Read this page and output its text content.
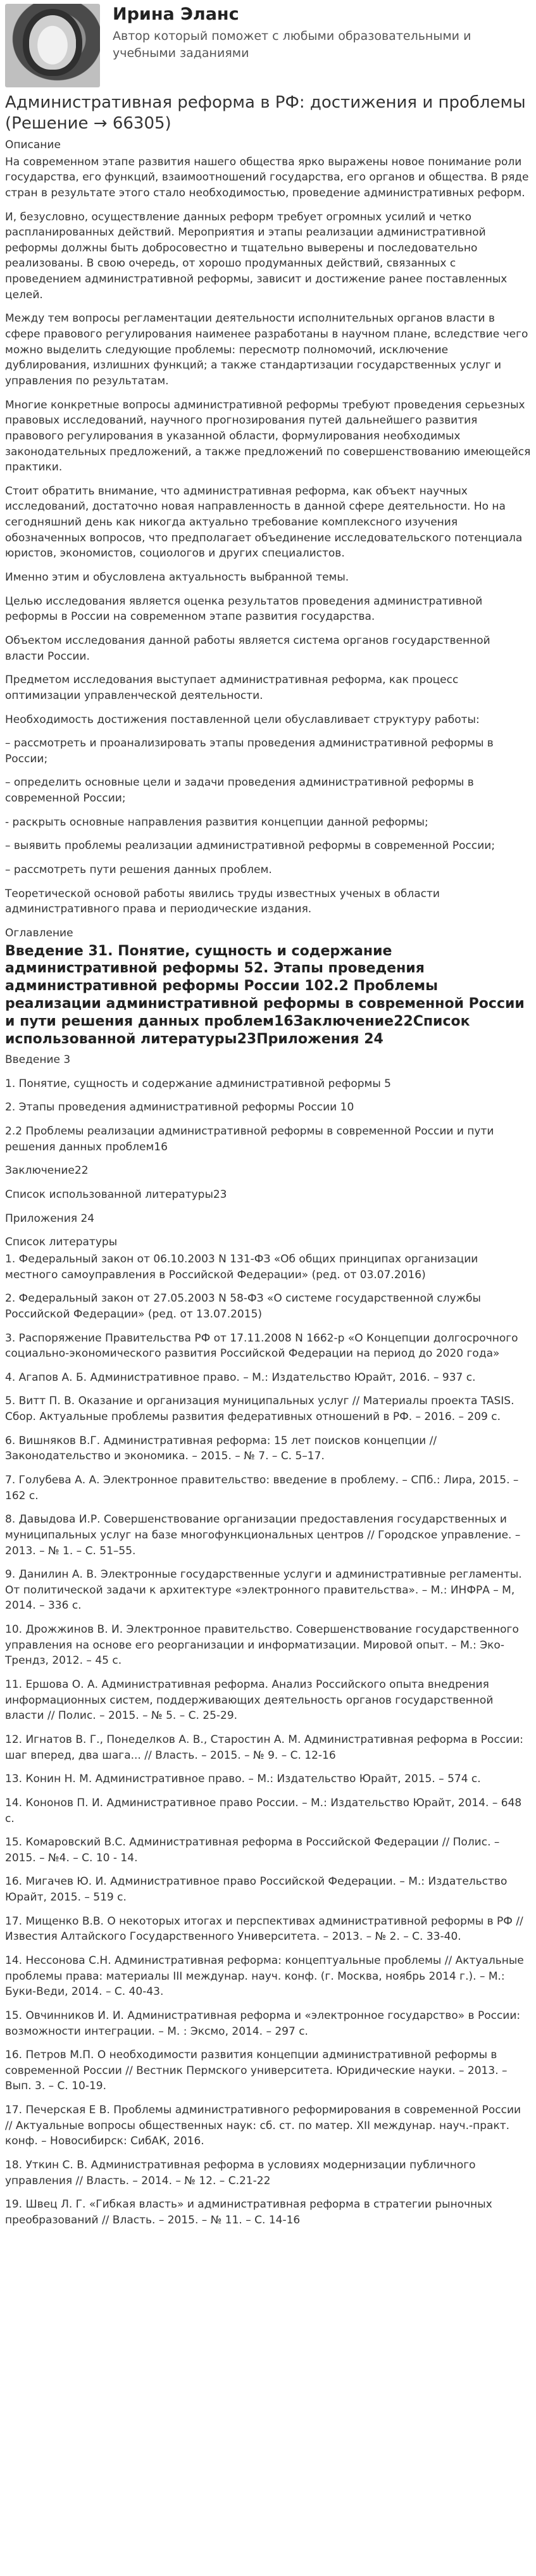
Ирина Эланс
Автор который поможет с любыми образовательными и учебными заданиями
Административная реформа в РФ: достижения и проблемы (Решение → 66305)
Описание

На современном этапе развития нашего общества ярко выражены новое понимание роли государства, его функций, взаимоотношений государства, его органов и общества. В ряде стран в результате этого стало необходимостью, проведение административных реформ.

И, безусловно, осуществление данных реформ требует огромных усилий и четко распланированных действий. Мероприятия и этапы реализации административной реформы должны быть добросовестно и тщательно выверены и последовательно реализованы. В свою очередь, от хорошо продуманных действий, связанных с проведением административной реформы, зависит и достижение ранее поставленных целей.

Между тем вопросы регламентации деятельности исполнительных органов власти в сфере правового регулирования наименее разработаны в научном плане, вследствие чего можно выделить следующие проблемы: пересмотр полномочий, исключение дублирования, излишних функций; а также стандартизации государственных услуг и управления по результатам.

Многие конкретные вопросы административной реформы требуют проведения серьезных правовых исследований, научного прогнозирования путей дальнейшего развития правового регулирования в указанной области, формулирования необходимых законодательных предложений, а также предложений по совершенствованию имеющейся практики.

Стоит обратить внимание, что административная реформа, как объект научных исследований, достаточно новая направленность в данной сфере деятельности. Но на сегодняшний день как никогда актуально требование комплексного изучения обозначенных вопросов, что предполагает объединение исследовательского потенциала юристов, экономистов, социологов и других специалистов.

Именно этим и обусловлена актуальность выбранной темы.

Целью исследования является оценка результатов проведения административной реформы в России на современном этапе развития государства.

Объектом исследования данной работы является система органов государственной власти России.

Предметом исследования выступает административная реформа, как процесс оптимизации управленческой деятельности.

Необходимость достижения поставленной цели обуславливает структуру работы:

– рассмотреть и проанализировать этапы проведения административной реформы в России;

– определить основные цели и задачи проведения административной реформы в современной России;

- раскрыть основные направления развития концепции данной реформы;

– выявить проблемы реализации административной реформы в современной России;

– рассмотреть пути решения данных проблем.

Теоретической основой работы явились труды известных ученых в области административного права и периодические издания.

Оглавление
Введение 31. Понятие, сущность и содержание административной реформы 52. Этапы проведения административной реформы России 102.2 Проблемы реализации административной реформы в современной России и пути решения данных проблем16Заключение22Список использованной литературы23Приложения 24

Введение 3

1. Понятие, сущность и содержание административной реформы 5

2. Этапы проведения административной реформы России 10

2.2 Проблемы реализации административной реформы в современной России и пути решения данных проблем16

Заключение22

Список использованной литературы23

Приложения 24

Список литературы

1. Федеральный закон от 06.10.2003 N 131-ФЗ «Об общих принципах организации местного самоуправления в Российской Федерации» (ред. от 03.07.2016)

2. Федеральный закон от 27.05.2003 N 58-ФЗ «О системе государственной службы Российской Федерации» (ред. от 13.07.2015)

3. Распоряжение Правительства РФ от 17.11.2008 N 1662-р «О Концепции долгосрочного социально-экономического развития Российской Федерации на период до 2020 года»

4. Агапов А. Б. Административное право. – М.: Издательство Юрайт, 2016. – 937 с.

5. Витт П. В. Оказание и организация муниципальных услуг // Материалы проекта TASIS. Сбор. Актуальные проблемы развития федеративных отношений в РФ. – 2016. – 209 с.

6. Вишняков В.Г. Административная реформа: 15 лет поисков концепции // Законодательство и экономика. – 2015. – № 7. – С. 5–17.

7. Голубева А. А. Электронное правительство: введение в проблему. – СПб.: Лира, 2015. – 162 с.

8. Давыдова И.Р. Совершенствование организации предоставления государственных и муниципальных услуг на базе многофункциональных центров // Городское управление. – 2013. – № 1. – С. 51–55.

9. Данилин А. В. Электронные государственные услуги и административные регламенты. От политической задачи к архитектуре «электронного правительства». – М.: ИНФРА – М, 2014. – 336 с.

10. Дрожжинов В. И. Электронное правительство. Совершенствование государственного управления на основе его реорганизации и информатизации. Мировой опыт. – М.: Эко-Трендз, 2012. – 45 с.

11. Ершова О. А. Административная реформа. Анализ Российского опыта внедрения информационных систем, поддерживающих деятельность органов государственной власти // Полис. – 2015. – № 5. – С. 25-29.

12. Игнатов В. Г., Понеделков А. В., Старостин А. М. Административная реформа в России: шаг вперед, два шага... // Власть. – 2015. – № 9. – С. 12-16

13. Конин Н. М. Административное право. – М.: Издательство Юрайт, 2015. – 574 с.

14. Кононов П. И. Административное право России. – М.: Издательство Юрайт, 2014. – 648 с.

15. Комаровский В.С. Административная реформа в Российской Федерации // Полис. – 2015. – №4. – С. 10 - 14.

16. Мигачев Ю. И. Административное право Российской Федерации. – М.: Издательство Юрайт, 2015. – 519 с.

17. Мищенко В.В. О некоторых итогах и перспективах административной реформы в РФ // Известия Алтайского Государственного Университета. – 2013. – № 2. – С. 33-40.

14. Нессонова С.Н. Административная реформа: концептуальные проблемы // Актуальные проблемы права: материалы III междунар. науч. конф. (г. Москва, ноябрь 2014 г.). – М.: Буки-Веди, 2014. – С. 40-43.

15. Овчинников И. И. Административная реформа и «электронное государство» в России: возможности интеграции. – М. : Эксмо, 2014. – 297 с.

16. Петров М.П. О необходимости развития концепции административной реформы в современной России // Вестник Пермского университета. Юридические науки. – 2013. – Вып. 3. – С. 10-19.

17. Печерская Е В. Проблемы административного реформирования в современной России // Актуальные вопросы общественных наук: сб. ст. по матер. XII междунар. науч.-практ. конф. – Новосибирск: СибАК, 2016.

18. Уткин С. В. Административная реформа в условиях модернизации публичного управления // Власть. – 2014. – № 12. – С.21-22

19. Швец Л. Г. «Гибкая власть» и административная реформа в стратегии рыночных преобразований // Власть. – 2015. – № 11. – С. 14-16
